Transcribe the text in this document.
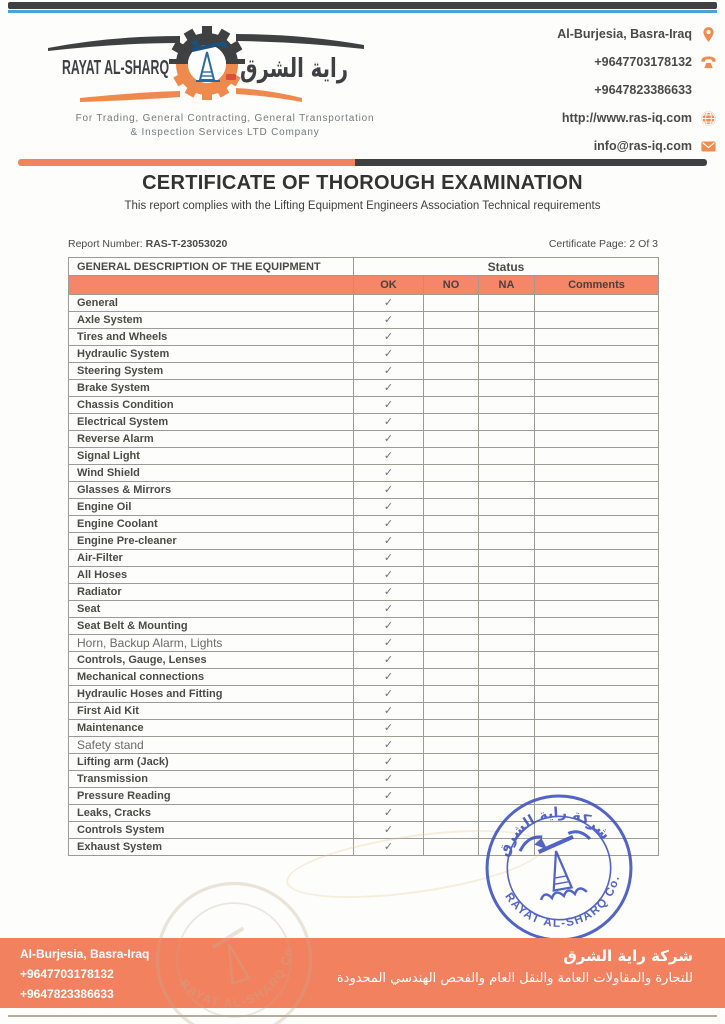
RAYAT AL-SHARQ	راية الشرق
For Trading, General Contracting, General Transportation
& Inspection Services LTD Company
Al-Burjesia, Basra-Iraq
+9647703178132
+9647823386633
http://www.ras-iq.com
info@ras-iq.com
CERTIFICATE OF THOROUGH EXAMINATION
This report complies with the Lifting Equipment Engineers Association Technical requirements
Report Number: RAS-T-23053020	Certificate Page: 2 Of 3
GENERAL DESCRIPTION OF THE EQUIPMENT	Status			
	OK	NO	NA	Comments
General	✓			
Axle System	✓			
Tires and Wheels	✓			
Hydraulic System	✓			
Steering System	✓			
Brake System	✓			
Chassis Condition	✓			
Electrical System	✓			
Reverse Alarm	✓			
Signal Light	✓			
Wind Shield	✓			
Glasses & Mirrors	✓			
Engine Oil	✓			
Engine Coolant	✓			
Engine Pre-cleaner	✓			
Air-Filter	✓			
All Hoses	✓			
Radiator	✓			
Seat	✓			
Seat Belt & Mounting	✓			
Horn, Backup Alarm, Lights	✓			
Controls, Gauge, Lenses	✓			
Mechanical connections	✓			
Hydraulic Hoses and Fitting	✓			
First Aid Kit	✓			
Maintenance	✓			
Safety stand	✓			
Lifting arm (Jack)	✓			
Transmission	✓			
Pressure Reading	✓			
Leaks, Cracks	✓			
Controls System	✓			
Exhaust System	✓				شركة راية الشرق
RAYAT AL-SHARQ Co.
RAYAT AL-SHARQ Co
Al-Burjesia, Basra-Iraq
+9647703178132
+9647823386633
شركة راية الشرق
للتجارة والمقاولات العامة والنقل العام والفحص الهندسي المحدودة
